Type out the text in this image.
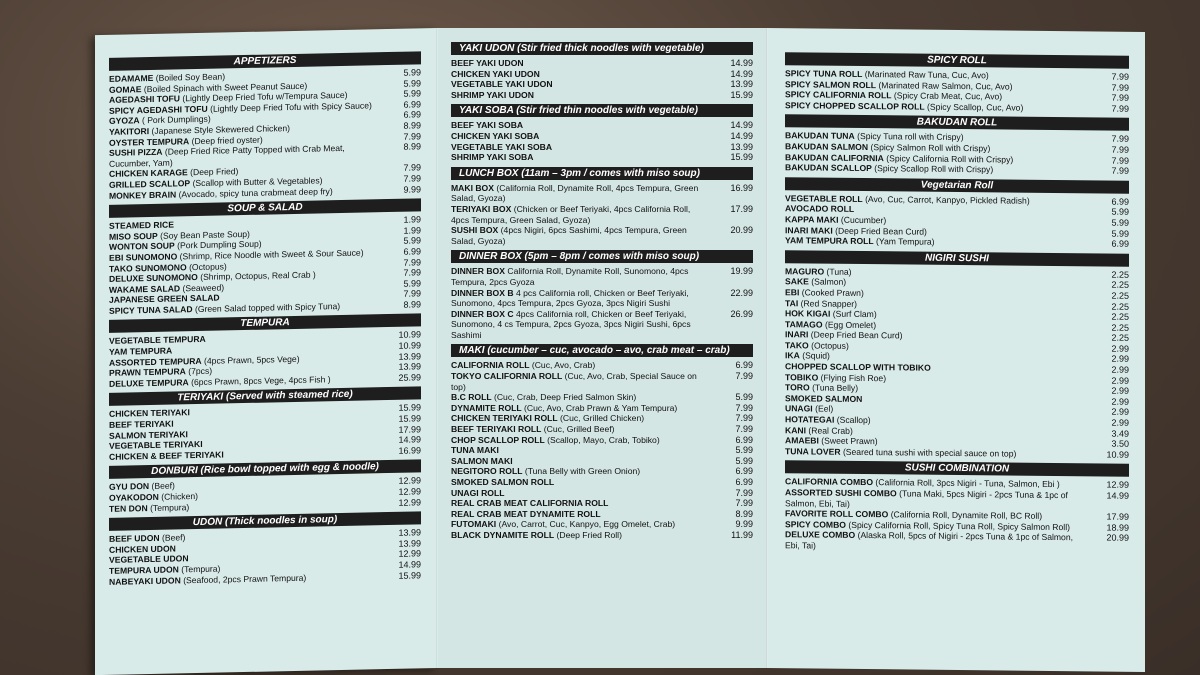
APPETIZERS
EDAMAME (Boiled Soy Bean)	5.99
GOMAE (Boiled Spinach with Sweet Peanut Sauce)	5.99
AGEDASHI TOFU (Lightly Deep Fried Tofu w/Tempura Sauce)	5.99
SPICY AGEDASHI TOFU (Lightly Deep Fried Tofu with Spicy Sauce)	6.99
GYOZA ( Pork Dumplings)	6.99
YAKITORI (Japanese Style Skewered Chicken)	8.99
OYSTER TEMPURA (Deep fried oyster)	7.99
SUSHI PIZZA (Deep Fried Rice Patty Topped with Crab Meat, Cucumber, Yam)
8.99
CHICKEN KARAGE (Deep Fried)	7.99
GRILLED SCALLOP (Scallop with Butter & Vegetables)	7.99
MONKEY BRAIN (Avocado, spicy tuna crabmeat deep fry)	9.99
SOUP & SALAD
STEAMED RICE	1.99
MISO SOUP (Soy Bean Paste Soup)	1.99
WONTON SOUP (Pork Dumpling Soup)	5.99
EBI SUNOMONO (Shrimp, Rice Noodle with Sweet & Sour Sauce)	6.99
TAKO SUNOMONO (Octopus)	7.99
DELUXE SUNOMONO (Shrimp, Octopus, Real Crab )	7.99
WAKAME SALAD (Seaweed)	5.99
JAPANESE GREEN SALAD	7.99
SPICY TUNA SALAD (Green Salad topped with Spicy Tuna)	8.99
TEMPURA
VEGETABLE TEMPURA	10.99
YAM TEMPURA	10.99
ASSORTED TEMPURA (4pcs Prawn, 5pcs Vege)	13.99
PRAWN TEMPURA (7pcs)	13.99
DELUXE TEMPURA (6pcs Prawn, 8pcs Vege, 4pcs Fish )	25.99
TERIYAKI (Served with steamed rice)
CHICKEN TERIYAKI	15.99
BEEF TERIYAKI	15.99
SALMON TERIYAKI	17.99
VEGETABLE TERIYAKI	14.99
CHICKEN & BEEF TERIYAKI	16.99
DONBURI (Rice bowl topped with egg & noodle)
GYU DON (Beef)	12.99
OYAKODON (Chicken)	12.99
TEN DON (Tempura)	12.99
UDON (Thick noodles in soup)
BEEF UDON (Beef)	13.99
CHICKEN UDON	13.99
VEGETABLE UDON	12.99
TEMPURA UDON (Tempura)	14.99
NABEYAKI UDON (Seafood, 2pcs Prawn Tempura)	15.99
YAKI UDON (Stir fried thick noodles with vegetable)
BEEF YAKI UDON	14.99
CHICKEN YAKI UDON	14.99
VEGETABLE YAKI UDON	13.99
SHRIMP YAKI UDON	15.99
YAKI SOBA (Stir fried thin noodles with vegetable)
BEEF YAKI SOBA	14.99
CHICKEN YAKI SOBA	14.99
VEGETABLE YAKI SOBA	13.99
SHRIMP YAKI SOBA	15.99
LUNCH BOX (11am – 3pm / comes with miso soup)
MAKI BOX (California Roll, Dynamite Roll, 4pcs Tempura, Green Salad, Gyoza)
16.99
TERIYAKI BOX (Chicken or Beef Teriyaki, 4pcs California Roll, 4pcs Tempura, Green Salad, Gyoza)
17.99
SUSHI BOX (4pcs Nigiri, 6pcs Sashimi, 4pcs Tempura, Green Salad, Gyoza)
20.99
DINNER BOX (5pm – 8pm / comes with miso soup)
DINNER BOX California Roll, Dynamite Roll, Sunomono, 4pcs Tempura, 2pcs Gyoza
19.99
DINNER BOX B 4 pcs California roll, Chicken or Beef Teriyaki, Sunomono, 4pcs Tempura, 2pcs Gyoza, 3pcs Nigiri Sushi
22.99
DINNER BOX C 4pcs California roll, Chicken or Beef Teriyaki, Sunomono, 4 cs Tempura, 2pcs Gyoza, 3pcs Nigiri Sushi, 6pcs Sashimi
26.99
MAKI (cucumber – cuc, avocado – avo, crab meat – crab)
CALIFORNIA ROLL (Cuc, Avo, Crab)	6.99
TOKYO CALIFORNIA ROLL (Cuc, Avo, Crab, Special Sauce on top)
7.99
B.C ROLL (Cuc, Crab, Deep Fried Salmon Skin)	5.99
DYNAMITE ROLL (Cuc, Avo, Crab Prawn & Yam Tempura)	7.99
CHICKEN TERIYAKI ROLL (Cuc, Grilled Chicken)	7.99
BEEF TERIYAKI ROLL (Cuc, Grilled Beef)	7.99
CHOP SCALLOP ROLL (Scallop, Mayo, Crab, Tobiko)	6.99
TUNA MAKI	5.99
SALMON MAKI	5.99
NEGITORO ROLL (Tuna Belly with Green Onion)	6.99
SMOKED SALMON ROLL	6.99
UNAGI ROLL	7.99
REAL CRAB MEAT CALIFORNIA ROLL	7.99
REAL CRAB MEAT DYNAMITE ROLL	8.99
FUTOMAKI (Avo, Carrot, Cuc, Kanpyo, Egg Omelet, Crab)	9.99
BLACK DYNAMITE ROLL (Deep Fried Roll)	11.99
SPICY ROLL
SPICY TUNA ROLL (Marinated Raw Tuna, Cuc, Avo)	7.99
SPICY SALMON ROLL (Marinated Raw Salmon, Cuc, Avo)	7.99
SPICY CALIFORNIA ROLL (Spicy Crab Meat, Cuc, Avo)	7.99
SPICY CHOPPED SCALLOP ROLL (Spicy Scallop, Cuc, Avo)	7.99
BAKUDAN ROLL
BAKUDAN TUNA (Spicy Tuna roll with Crispy)	7.99
BAKUDAN SALMON (Spicy Salmon Roll with Crispy)	7.99
BAKUDAN CALIFORNIA (Spicy California Roll with Crispy)	7.99
BAKUDAN SCALLOP (Spicy Scallop Roll with Crispy)	7.99
Vegetarian Roll
VEGETABLE ROLL (Avo, Cuc, Carrot, Kanpyo, Pickled Radish)	6.99
AVOCADO ROLL	5.99
KAPPA MAKI (Cucumber)	5.99
INARI MAKI (Deep Fried Bean Curd)	5.99
YAM TEMPURA ROLL (Yam Tempura)	6.99
NIGIRI SUSHI
MAGURO (Tuna)	2.25
SAKE (Salmon)	2.25
EBI (Cooked Prawn)	2.25
TAI (Red Snapper)	2.25
HOK KIGAI (Surf Clam)	2.25
TAMAGO (Egg Omelet)	2.25
INARI (Deep Fried Bean Curd)	2.25
TAKO (Octopus)	2.99
IKA (Squid)	2.99
CHOPPED SCALLOP WITH TOBIKO	2.99
TOBIKO (Flying Fish Roe)	2.99
TORO (Tuna Belly)	2.99
SMOKED SALMON	2.99
UNAGI (Eel)	2.99
HOTATEGAI (Scallop)	2.99
KANI (Real Crab)	3.49
AMAEBI (Sweet Prawn)	3.50
TUNA LOVER (Seared tuna sushi with special sauce on top)	10.99
SUSHI COMBINATION
CALIFORNIA COMBO (California Roll, 3pcs Nigiri - Tuna, Salmon, Ebi )	12.99
ASSORTED SUSHI COMBO (Tuna Maki, 5pcs Nigiri - 2pcs Tuna & 1pc of Salmon, Ebi, Tai)
14.99
FAVORITE ROLL COMBO (California Roll, Dynamite Roll, BC Roll)	17.99
SPICY COMBO (Spicy California Roll, Spicy Tuna Roll, Spicy Salmon Roll)	18.99
DELUXE COMBO (Alaska Roll, 5pcs of Nigiri - 2pcs Tuna & 1pc of Salmon, Ebi, Tai)
20.99
